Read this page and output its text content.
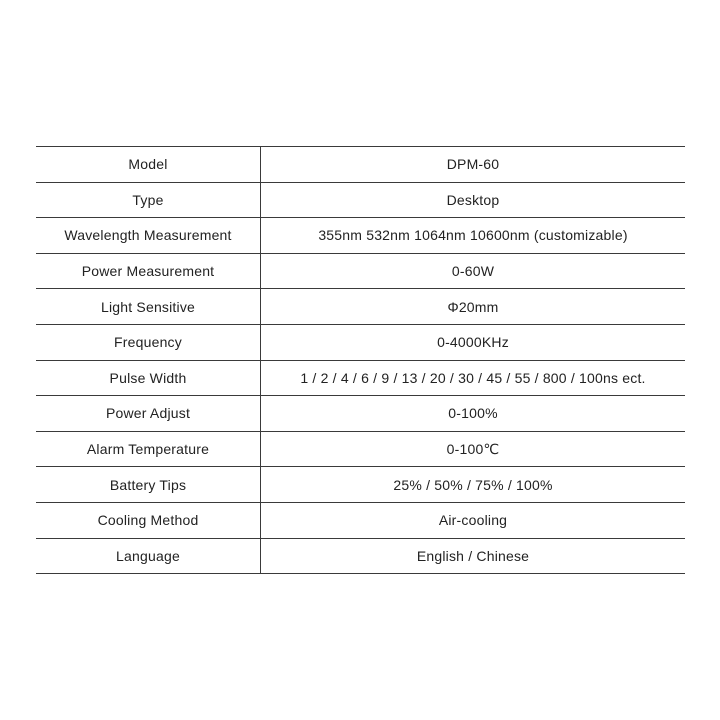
Model	DPM-60
Type	Desktop
Wavelength Measurement	355nm 532nm 1064nm 10600nm (customizable)
Power Measurement	0-60W
Light Sensitive	Φ20mm
Frequency	0-4000KHz
Pulse Width	1 / 2 / 4 / 6 / 9 / 13 / 20 / 30 / 45 / 55 / 800 / 100ns ect.
Power Adjust	0-100%
Alarm Temperature	0-100℃
Battery Tips	25% / 50% / 75% / 100%
Cooling Method	Air-cooling
Language	English / Chinese
